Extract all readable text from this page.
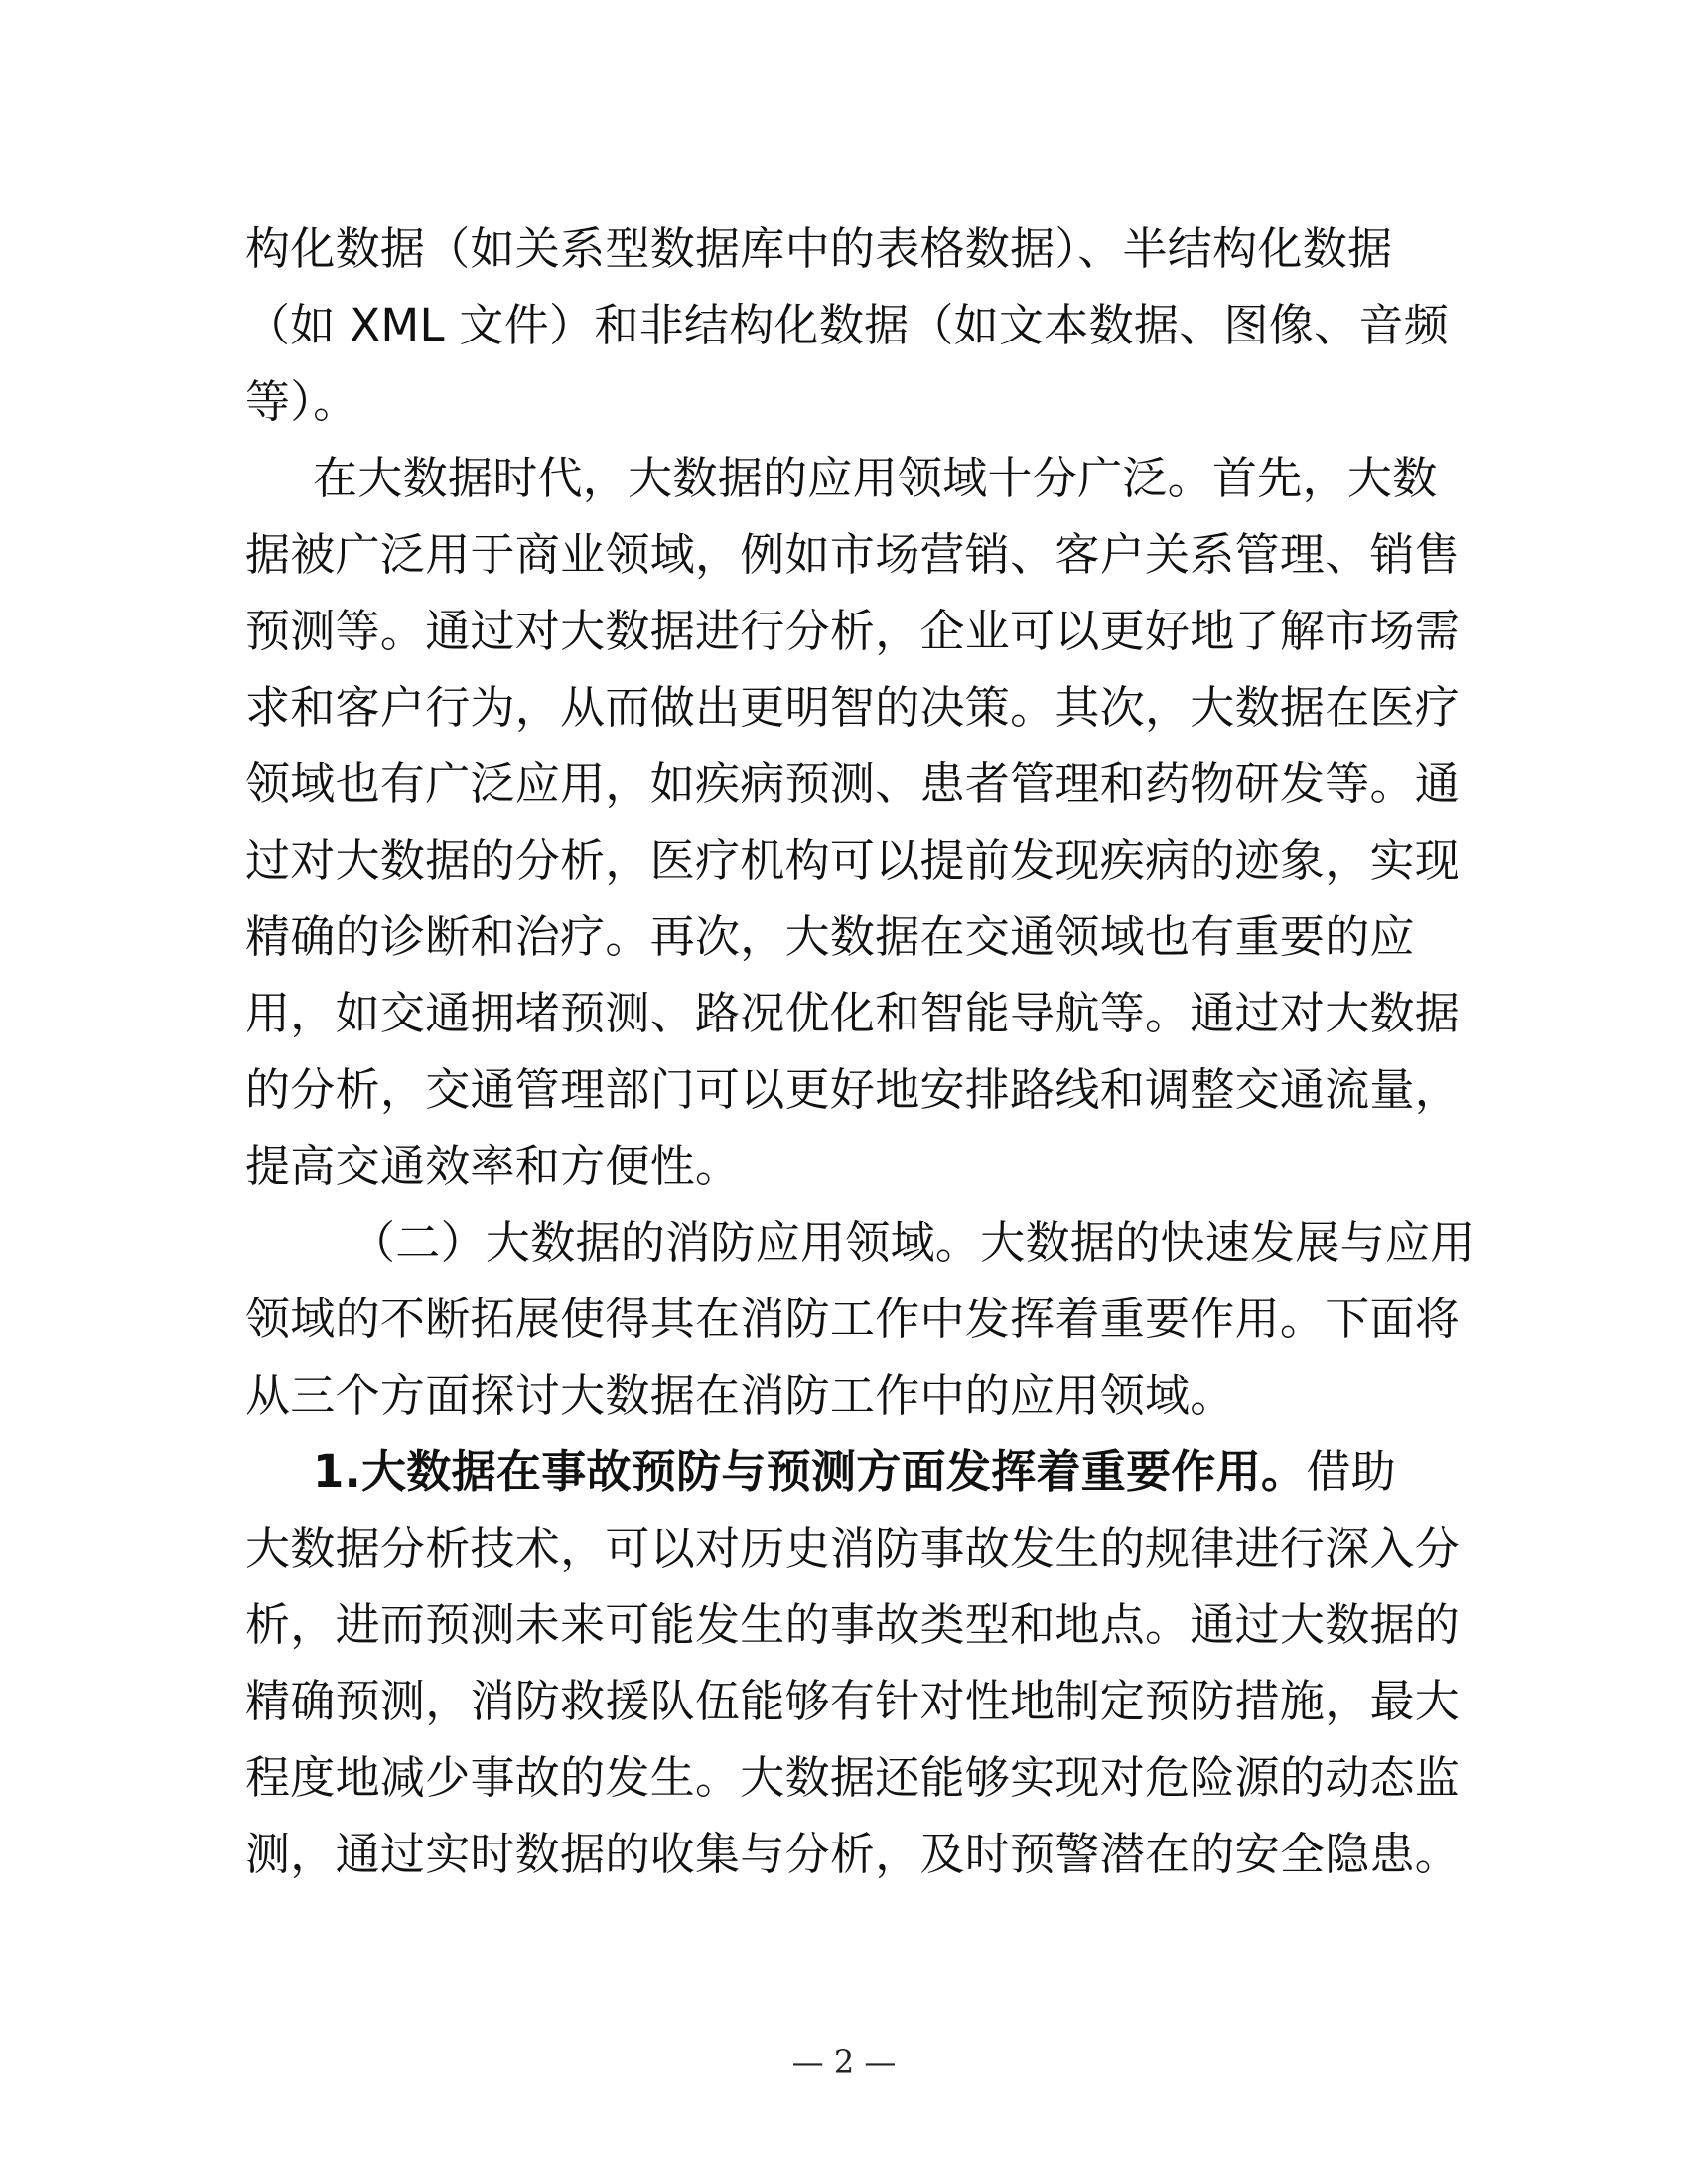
构化数据（如关系型数据库中的表格数据）、半结构化数据
（如 XML 文件）和非结构化数据（如文本数据、图像、音频
等）。
在大数据时代，大数据的应用领域十分广泛。首先，大数
据被广泛用于商业领域，例如市场营销、客户关系管理、销售
预测等。通过对大数据进行分析，企业可以更好地了解市场需
求和客户行为，从而做出更明智的决策。其次，大数据在医疗
领域也有广泛应用，如疾病预测、患者管理和药物研发等。通
过对大数据的分析，医疗机构可以提前发现疾病的迹象，实现
精确的诊断和治疗。再次，大数据在交通领域也有重要的应
用，如交通拥堵预测、路况优化和智能导航等。通过对大数据
的分析，交通管理部门可以更好地安排路线和调整交通流量，
提高交通效率和方便性。
（二）大数据的消防应用领域。大数据的快速发展与应用
领域的不断拓展使得其在消防工作中发挥着重要作用。下面将
从三个方面探讨大数据在消防工作中的应用领域。
1.大数据在事故预防与预测方面发挥着重要作用。借助
大数据分析技术，可以对历史消防事故发生的规律进行深入分
析，进而预测未来可能发生的事故类型和地点。通过大数据的
精确预测，消防救援队伍能够有针对性地制定预防措施，最大
程度地减少事故的发生。大数据还能够实现对危险源的动态监
测，通过实时数据的收集与分析，及时预警潜在的安全隐患。
— 2 —
